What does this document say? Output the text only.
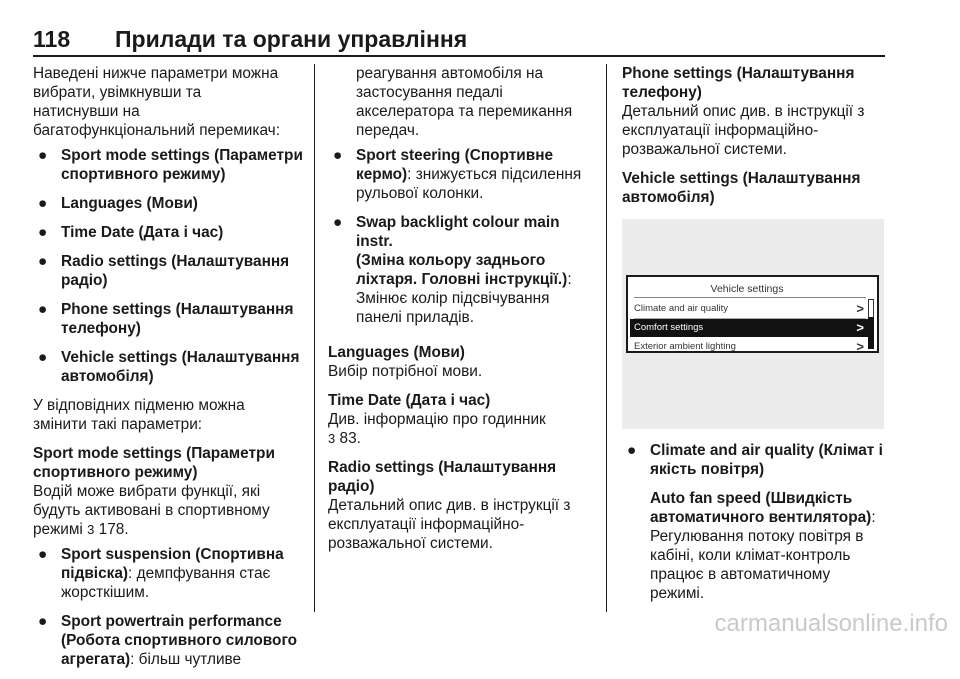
118 Прилади та органи управління

Наведені нижче параметри можна
вибрати, увімкнувши та
натиснувши на
багатофункціональний перемикач:

● Sport mode settings (Параметри
спортивного режиму)
● Languages (Мови)
● Time Date (Дата і час)
● Radio settings (Налаштування
радіо)
● Phone settings (Налаштування
телефону)
● Vehicle settings (Налаштування
автомобіля)

У відповідних підменю можна
змінити такі параметри:

Sport mode settings (Параметри
спортивного режиму)

Водій може вибрати функції, які
будуть активовані в спортивному
режимі 3 178.

● Sport suspension (Спортивна
підвіска): демпфування стає
жорсткішим.
● Sport powertrain performance
(Робота спортивного силового
агрегата): більш чутливе

реагування автомобіля на
застосування педалі
акселератора та перемикання
передач.

● Sport steering (Спортивне
кермо): знижується підсилення
рульової колонки.
● Swap backlight colour main instr.
(Зміна кольору заднього
ліхтаря. Головні інструкції.):
Змінює колір підсвічування
панелі приладів.

Languages (Мови)

Вибір потрібної мови.

Time Date (Дата і час)

Див. інформацію про годинник
3 83.

Radio settings (Налаштування
радіо)

Детальний опис див. в інструкції з
експлуатації інформаційно-
розважальної системи.

Phone settings (Налаштування
телефону)

Детальний опис див. в інструкції з
експлуатації інформаційно-
розважальної системи.

Vehicle settings (Налаштування
автомобіля)

Vehicle settings
Climate and air quality	>
Comfort settings	>
Exterior ambient lighting	>
● Climate and air quality (Клімат і
якість повітря)

Auto fan speed (Швидкість
автоматичного вентилятора):
Регулювання потоку повітря в
кабіні, коли клімат-контроль
працює в автоматичному
режимі.

carmanualsonline.info
